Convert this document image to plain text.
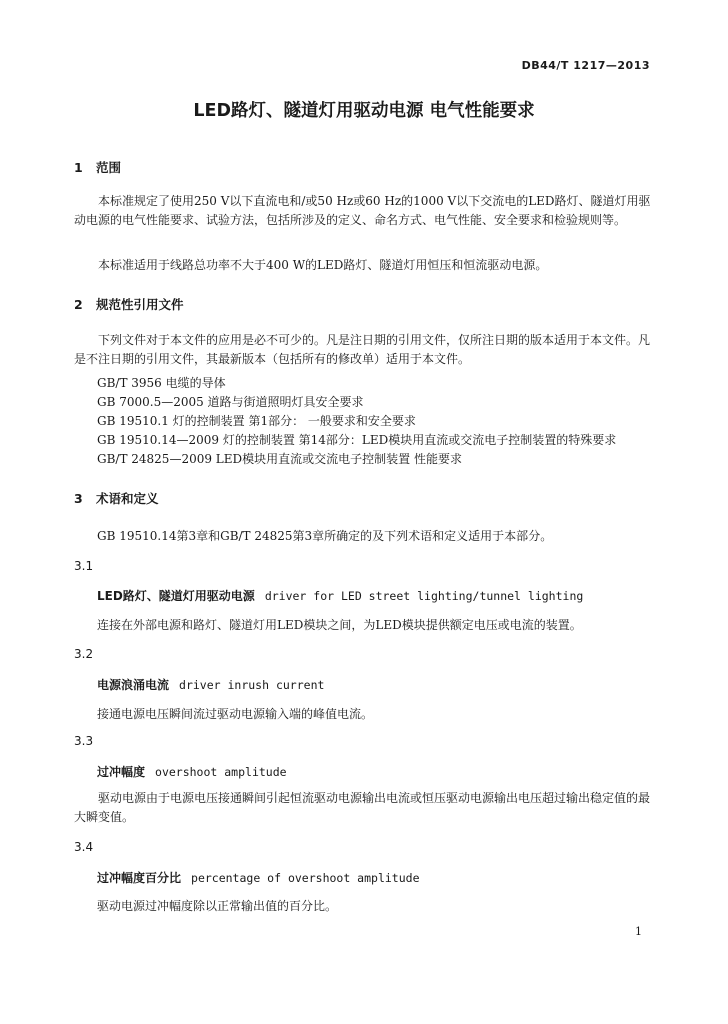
DB44/T 1217—2013
LED路灯、隧道灯用驱动电源 电气性能要求
1 范围
本标准规定了使用250 V以下直流电和/或50 Hz或60 Hz的1000 V以下交流电的LED路灯、隧道灯用驱动电源的电气性能要求、试验方法，包括所涉及的定义、命名方式、电气性能、安全要求和检验规则等。
本标准适用于线路总功率不大于400 W的LED路灯、隧道灯用恒压和恒流驱动电源。
2 规范性引用文件
下列文件对于本文件的应用是必不可少的。凡是注日期的引用文件，仅所注日期的版本适用于本文件。凡是不注日期的引用文件，其最新版本（包括所有的修改单）适用于本文件。
GB/T 3956 电缆的导体
GB 7000.5—2005 道路与街道照明灯具安全要求
GB 19510.1 灯的控制装置 第1部分： 一般要求和安全要求
GB 19510.14—2009 灯的控制装置 第14部分：LED模块用直流或交流电子控制装置的特殊要求
GB/T 24825—2009 LED模块用直流或交流电子控制装置 性能要求
3 术语和定义
GB 19510.14第3章和GB/T 24825第3章所确定的及下列术语和定义适用于本部分。
3.1
LED路灯、隧道灯用驱动电源 driver for LED street lighting/tunnel lighting
连接在外部电源和路灯、隧道灯用LED模块之间，为LED模块提供额定电压或电流的装置。
3.2
电源浪涌电流 driver inrush current
接通电源电压瞬间流过驱动电源输入端的峰值电流。
3.3
过冲幅度 overshoot amplitude
驱动电源由于电源电压接通瞬间引起恒流驱动电源输出电流或恒压驱动电源输出电压超过输出稳定值的最大瞬变值。
3.4
过冲幅度百分比 percentage of overshoot amplitude
驱动电源过冲幅度除以正常输出值的百分比。
1
